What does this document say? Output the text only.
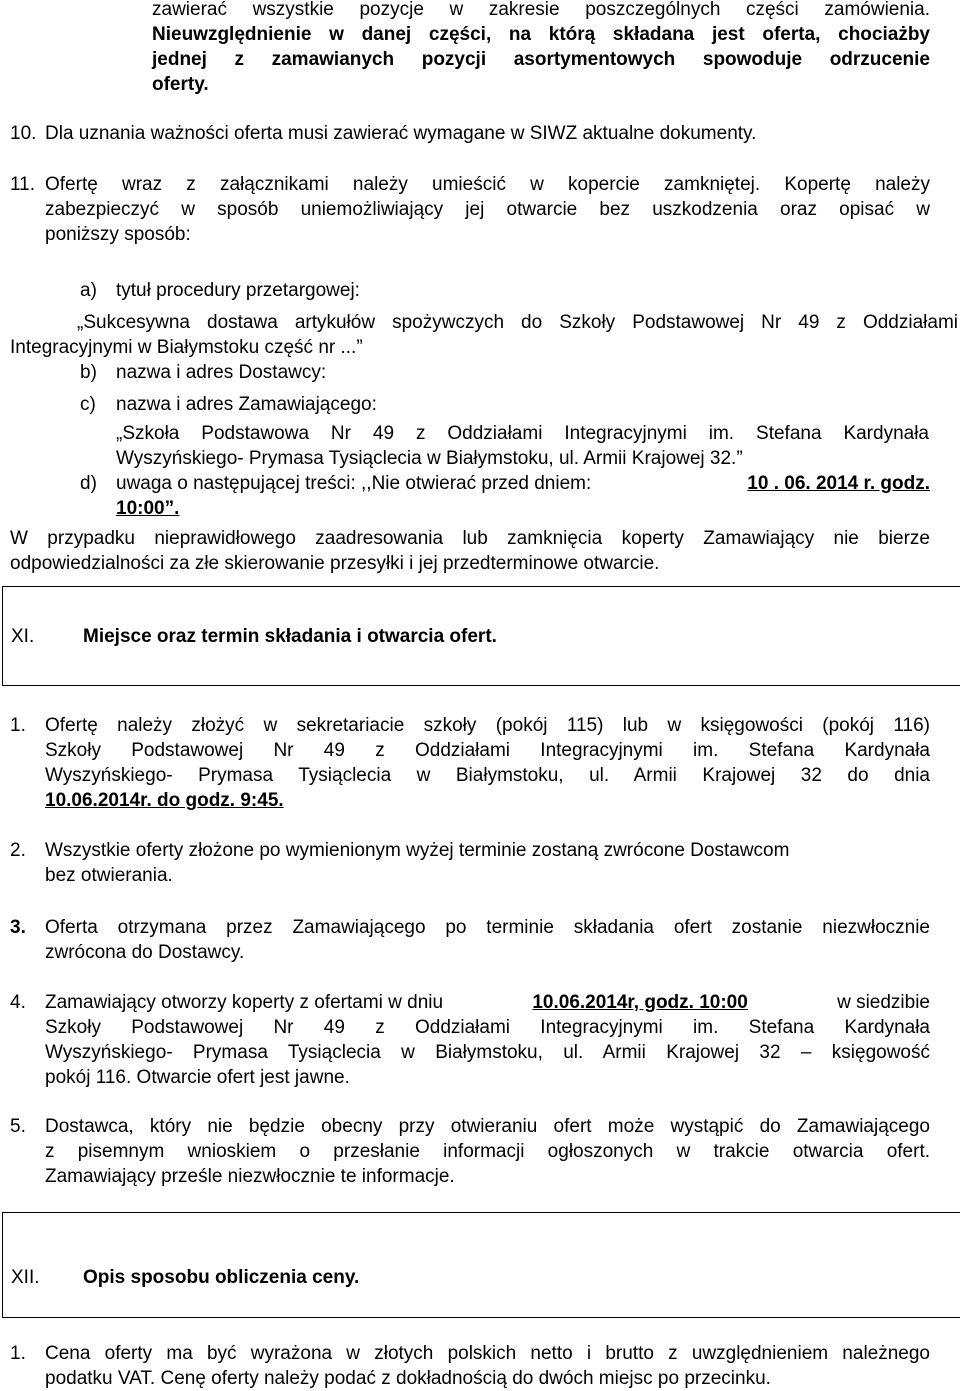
zawierać wszystkie pozycje w zakresie poszczególnych części zamówienia.
Nieuwzględnienie w danej części, na którą składana jest oferta, chociażby
jednej z zamawianych pozycji asortymentowych spowoduje odrzucenie
oferty.
10. Dla uznania ważności oferta musi zawierać wymagane w SIWZ aktualne dokumenty.
11. Ofertę wraz z załącznikami należy umieścić w kopercie zamkniętej. Kopertę należy
zabezpieczyć w sposób uniemożliwiający jej otwarcie bez uszkodzenia oraz opisać w
poniższy sposób:
a) tytuł procedury przetargowej:
„Sukcesywna dostawa artykułów spożywczych do Szkoły Podstawowej Nr 49 z Oddziałami
Integracyjnymi w Białymstoku część nr ...”
b) nazwa i adres Dostawcy:
c) nazwa i adres Zamawiającego:
„Szkoła Podstawowa Nr 49 z Oddziałami Integracyjnymi im. Stefana Kardynała
Wyszyńskiego- Prymasa Tysiąclecia w Białymstoku, ul. Armii Krajowej 32.”
d) uwaga o następującej treści: ,,Nie otwierać przed dniem:	10 . 06. 2014 r. godz.
10:00”.
W przypadku nieprawidłowego zaadresowania lub zamknięcia koperty Zamawiający nie bierze
odpowiedzialności za złe skierowanie przesyłki i jej przedterminowe otwarcie.
XI.	Miejsce oraz termin składania i otwarcia ofert.
1. Ofertę należy złożyć w sekretariacie szkoły (pokój 115) lub w księgowości (pokój 116)
Szkoły Podstawowej Nr 49 z Oddziałami Integracyjnymi im. Stefana Kardynała
Wyszyńskiego- Prymasa Tysiąclecia w Białymstoku, ul. Armii Krajowej 32 do dnia
10.06.2014r. do godz. 9:45.
2. Wszystkie oferty złożone po wymienionym wyżej terminie zostaną zwrócone Dostawcom
bez otwierania.
3. Oferta otrzymana przez Zamawiającego po terminie składania ofert zostanie niezwłocznie
zwrócona do Dostawcy.
4. Zamawiający otworzy koperty z ofertami w dniu	10.06.2014r, godz. 10:00	w siedzibie
Szkoły Podstawowej Nr 49 z Oddziałami Integracyjnymi im. Stefana Kardynała
Wyszyńskiego- Prymasa Tysiąclecia w Białymstoku, ul. Armii Krajowej 32 – księgowość
pokój 116. Otwarcie ofert jest jawne.
5. Dostawca, który nie będzie obecny przy otwieraniu ofert może wystąpić do Zamawiającego
z pisemnym wnioskiem o przesłanie informacji ogłoszonych w trakcie otwarcia ofert.
Zamawiający prześle niezwłocznie te informacje.
XII. Opis sposobu obliczenia ceny.
1. Cena oferty ma być wyrażona w złotych polskich netto i brutto z uwzględnieniem należnego
podatku VAT. Cenę oferty należy podać z dokładnością do dwóch miejsc po przecinku.
